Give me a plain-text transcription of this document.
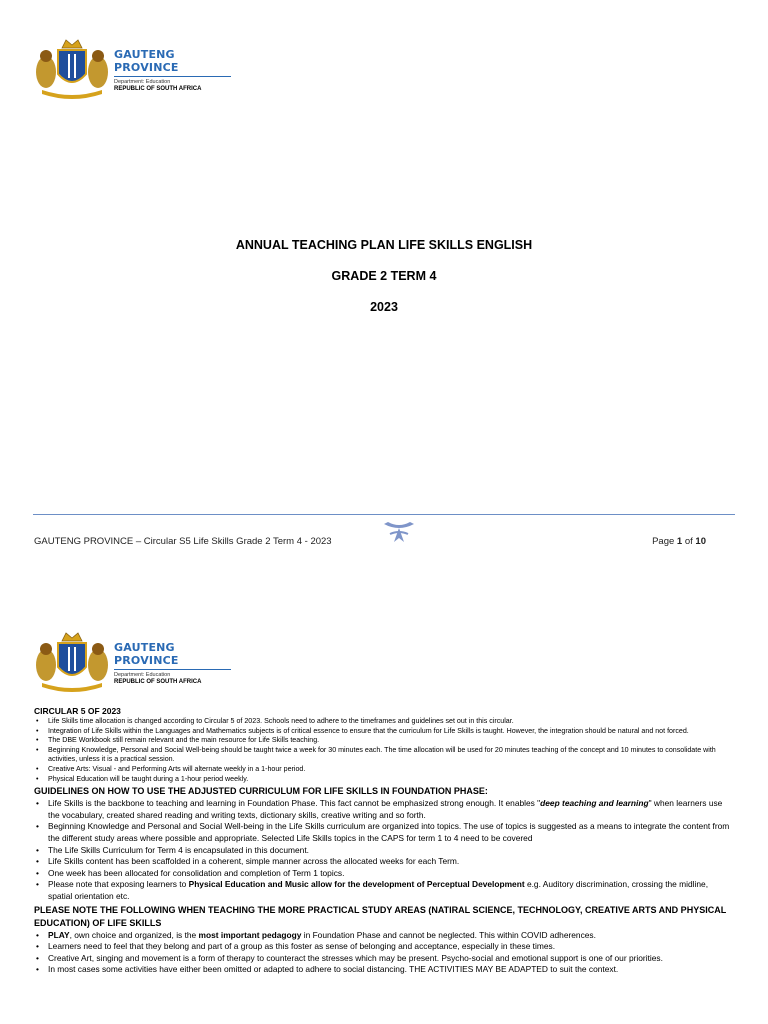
GAUTENG PROVINCE
Department: Education
REPUBLIC OF SOUTH AFRICA
ANNUAL TEACHING PLAN LIFE SKILLS ENGLISH
GRADE 2 TERM 4
2023
GAUTENG PROVINCE – Circular S5 Life Skills Grade 2 Term 4 - 2023	Page 1 of 10
GAUTENG PROVINCE
Department: Education
REPUBLIC OF SOUTH AFRICA
CIRCULAR 5 OF 2023
• Life Skills time allocation is changed according to Circular 5 of 2023. Schools need to adhere to the timeframes and guidelines set out in this circular.
• Integration of Life Skills within the Languages and Mathematics subjects is of critical essence to ensure that the curriculum for Life Skills is taught. However, the integration should be natural and not forced.
• The DBE Workbook still remain relevant and the main resource for Life Skills teaching.
• Beginning Knowledge, Personal and Social Well-being should be taught twice a week for 30 minutes each. The time allocation will be used for 20 minutes teaching of the concept and 10 minutes to consolidate with activities, unless it is a practical session.
• Creative Arts: Visual - and Performing Arts will alternate weekly in a 1-hour period.
• Physical Education will be taught during a 1-hour period weekly.
GUIDELINES ON HOW TO USE THE ADJUSTED CURRICULUM FOR LIFE SKILLS IN FOUNDATION PHASE:
• Life Skills is the backbone to teaching and learning in Foundation Phase. This fact cannot be emphasized strong enough. It enables "deep teaching and learning" when learners use the vocabulary, created shared reading and writing texts, dictionary skills, creative writing and so forth.
• Beginning Knowledge and Personal and Social Well-being in the Life Skills curriculum are organized into topics. The use of topics is suggested as a means to integrate the content from the different study areas where possible and appropriate. Selected Life Skills topics in the CAPS for term 1 to 4 need to be covered
• The Life Skills Curriculum for Term 4 is encapsulated in this document.
• Life Skills content has been scaffolded in a coherent, simple manner across the allocated weeks for each Term.
• One week has been allocated for consolidation and completion of Term 1 topics.
• Please note that exposing learners to Physical Education and Music allow for the development of Perceptual Development e.g. Auditory discrimination, crossing the midline, spatial orientation etc.
PLEASE NOTE THE FOLLOWING WHEN TEACHING THE MORE PRACTICAL STUDY AREAS (NATIRAL SCIENCE, TECHNOLOGY, CREATIVE ARTS AND PHYSICAL EDUCATION) OF LIFE SKILLS
• PLAY, own choice and organized, is the most important pedagogy in Foundation Phase and cannot be neglected. This within COVID adherences.
• Learners need to feel that they belong and part of a group as this foster as sense of belonging and acceptance, especially in these times.
• Creative Art, singing and movement is a form of therapy to counteract the stresses which may be present. Psycho-social and emotional support is one of our priorities.
• In most cases some activities have either been omitted or adapted to adhere to social distancing. THE ACTIVITIES MAY BE ADAPTED to suit the context.
